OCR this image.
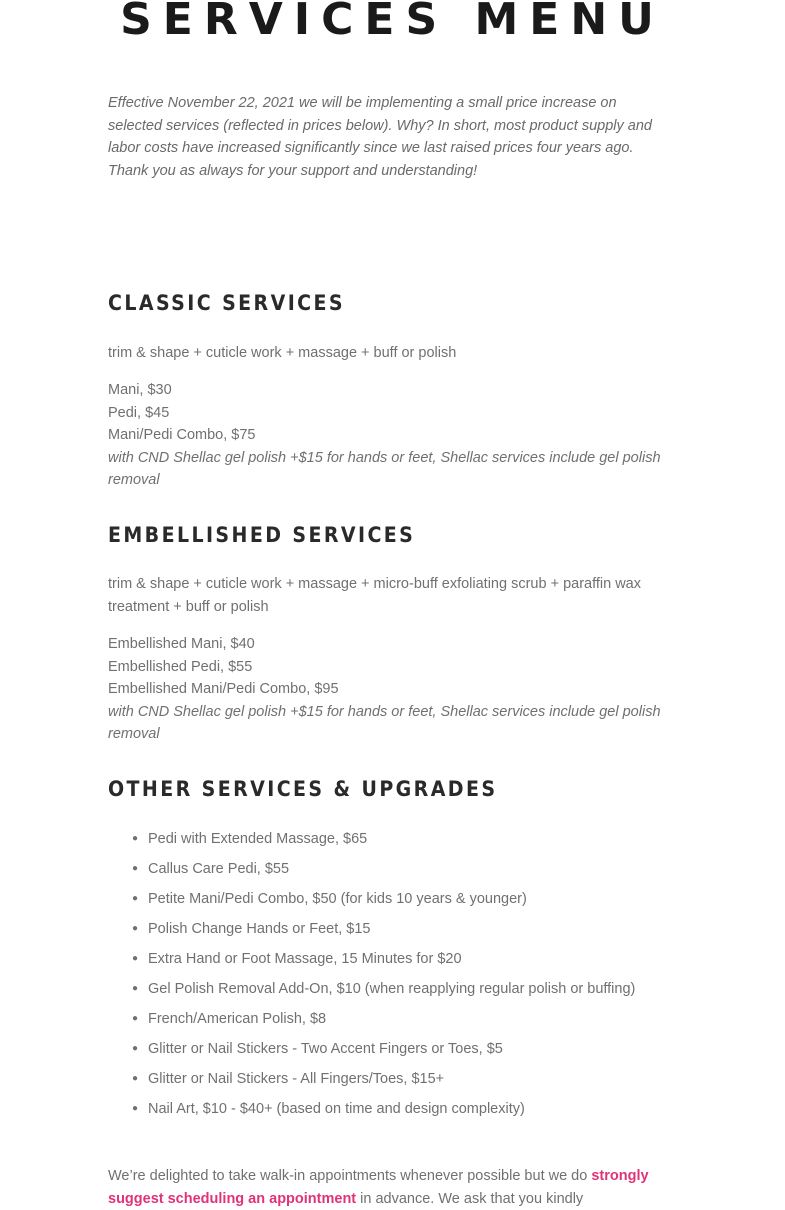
SERVICES MENU

Effective November 22, 2021 we will be implementing a small price increase on selected services (reflected in prices below). Why? In short, most product supply and labor costs have increased significantly since we last raised prices four years ago. Thank you as always for your support and understanding!

CLASSIC SERVICES

trim & shape + cuticle work + massage + buff or polish

Mani, $30
Pedi, $45
Mani/Pedi Combo, $75
with CND Shellac gel polish +$15 for hands or feet, Shellac services include gel polish removal
EMBELLISHED SERVICES

trim & shape + cuticle work + massage + micro-buff exfoliating scrub + paraffin wax treatment + buff or polish

Embellished Mani, $40
Embellished Pedi, $55
Embellished Mani/Pedi Combo, $95
with CND Shellac gel polish +$15 for hands or feet, Shellac services include gel polish removal
OTHER SERVICES & UPGRADES
● Pedi with Extended Massage, $65
● Callus Care Pedi, $55
● Petite Mani/Pedi Combo, $50 (for kids 10 years & younger)
● Polish Change Hands or Feet, $15
● Extra Hand or Foot Massage, 15 Minutes for $20
● Gel Polish Removal Add-On, $10 (when reapplying regular polish or buffing)
● French/American Polish, $8
● Glitter or Nail Stickers - Two Accent Fingers or Toes, $5
● Glitter or Nail Stickers - All Fingers/Toes, $15+
● Nail Art, $10 - $40+ (based on time and design complexity)

We’re delighted to take walk-in appointments whenever possible but we do strongly suggest scheduling an appointment in advance. We ask that you kindly
